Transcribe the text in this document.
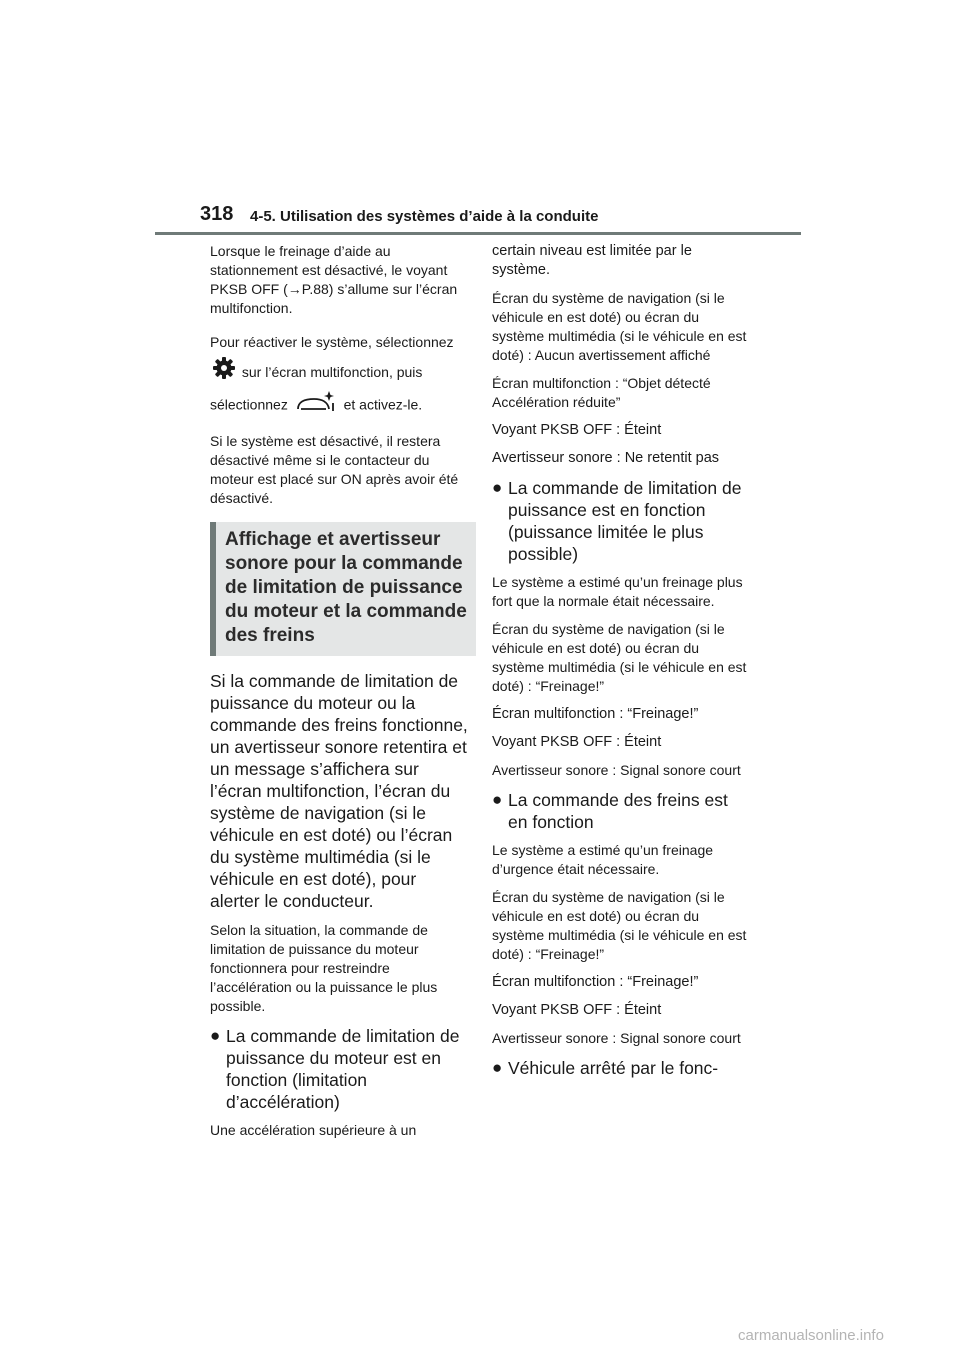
318 4-5. Utilisation des systèmes d’aide à la conduite

Lorsque le freinage d’aide au stationnement est désactivé, le voyant PKSB OFF (→P.88) s’allume sur l’écran multifonction.

Pour réactiver le système, sélectionnez  sur l’écran multifonction, puis sélectionnez	et activez-le.

Si le système est désactivé, il restera désactivé même si le contacteur du moteur est placé sur ON après avoir été désactivé.

Affichage et avertisseur sonore pour la commande de limitation de puissance du moteur et la commande des freins

Si la commande de limitation de puissance du moteur ou la commande des freins fonctionne, un avertisseur sonore retentira et un message s’affichera sur l’écran multifonction, l’écran du système de navigation (si le véhicule en est doté) ou l’écran du système multimédia (si le véhicule en est doté), pour alerter le conducteur.

Selon la situation, la commande de limitation de puissance du moteur fonctionnera pour restreindre l’accélération ou la puissance le plus possible.

● La commande de limitation de puissance du moteur est en fonction (limitation d’accélération)

Une accélération supérieure à un

certain niveau est limitée par le système.

Écran du système de navigation (si le véhicule en est doté) ou écran du système multimédia (si le véhicule en est doté) : Aucun avertissement affiché

Écran multifonction : “Objet détecté Accélération réduite”

Voyant PKSB OFF : Éteint

Avertisseur sonore : Ne retentit pas

● La commande de limitation de puissance est en fonction (puissance limitée le plus possible)

Le système a estimé qu’un freinage plus fort que la normale était nécessaire.

Écran du système de navigation (si le véhicule en est doté) ou écran du système multimédia (si le véhicule en est doté) : “Freinage!”

Écran multifonction : “Freinage!”

Voyant PKSB OFF : Éteint

Avertisseur sonore : Signal sonore court

● La commande des freins est en fonction

Le système a estimé qu’un freinage d’urgence était nécessaire.

Écran du système de navigation (si le véhicule en est doté) ou écran du système multimédia (si le véhicule en est doté) : “Freinage!”

Écran multifonction : “Freinage!”

Voyant PKSB OFF : Éteint

Avertisseur sonore : Signal sonore court

● Véhicule arrêté par le fonc-
carmanualsonline.info
